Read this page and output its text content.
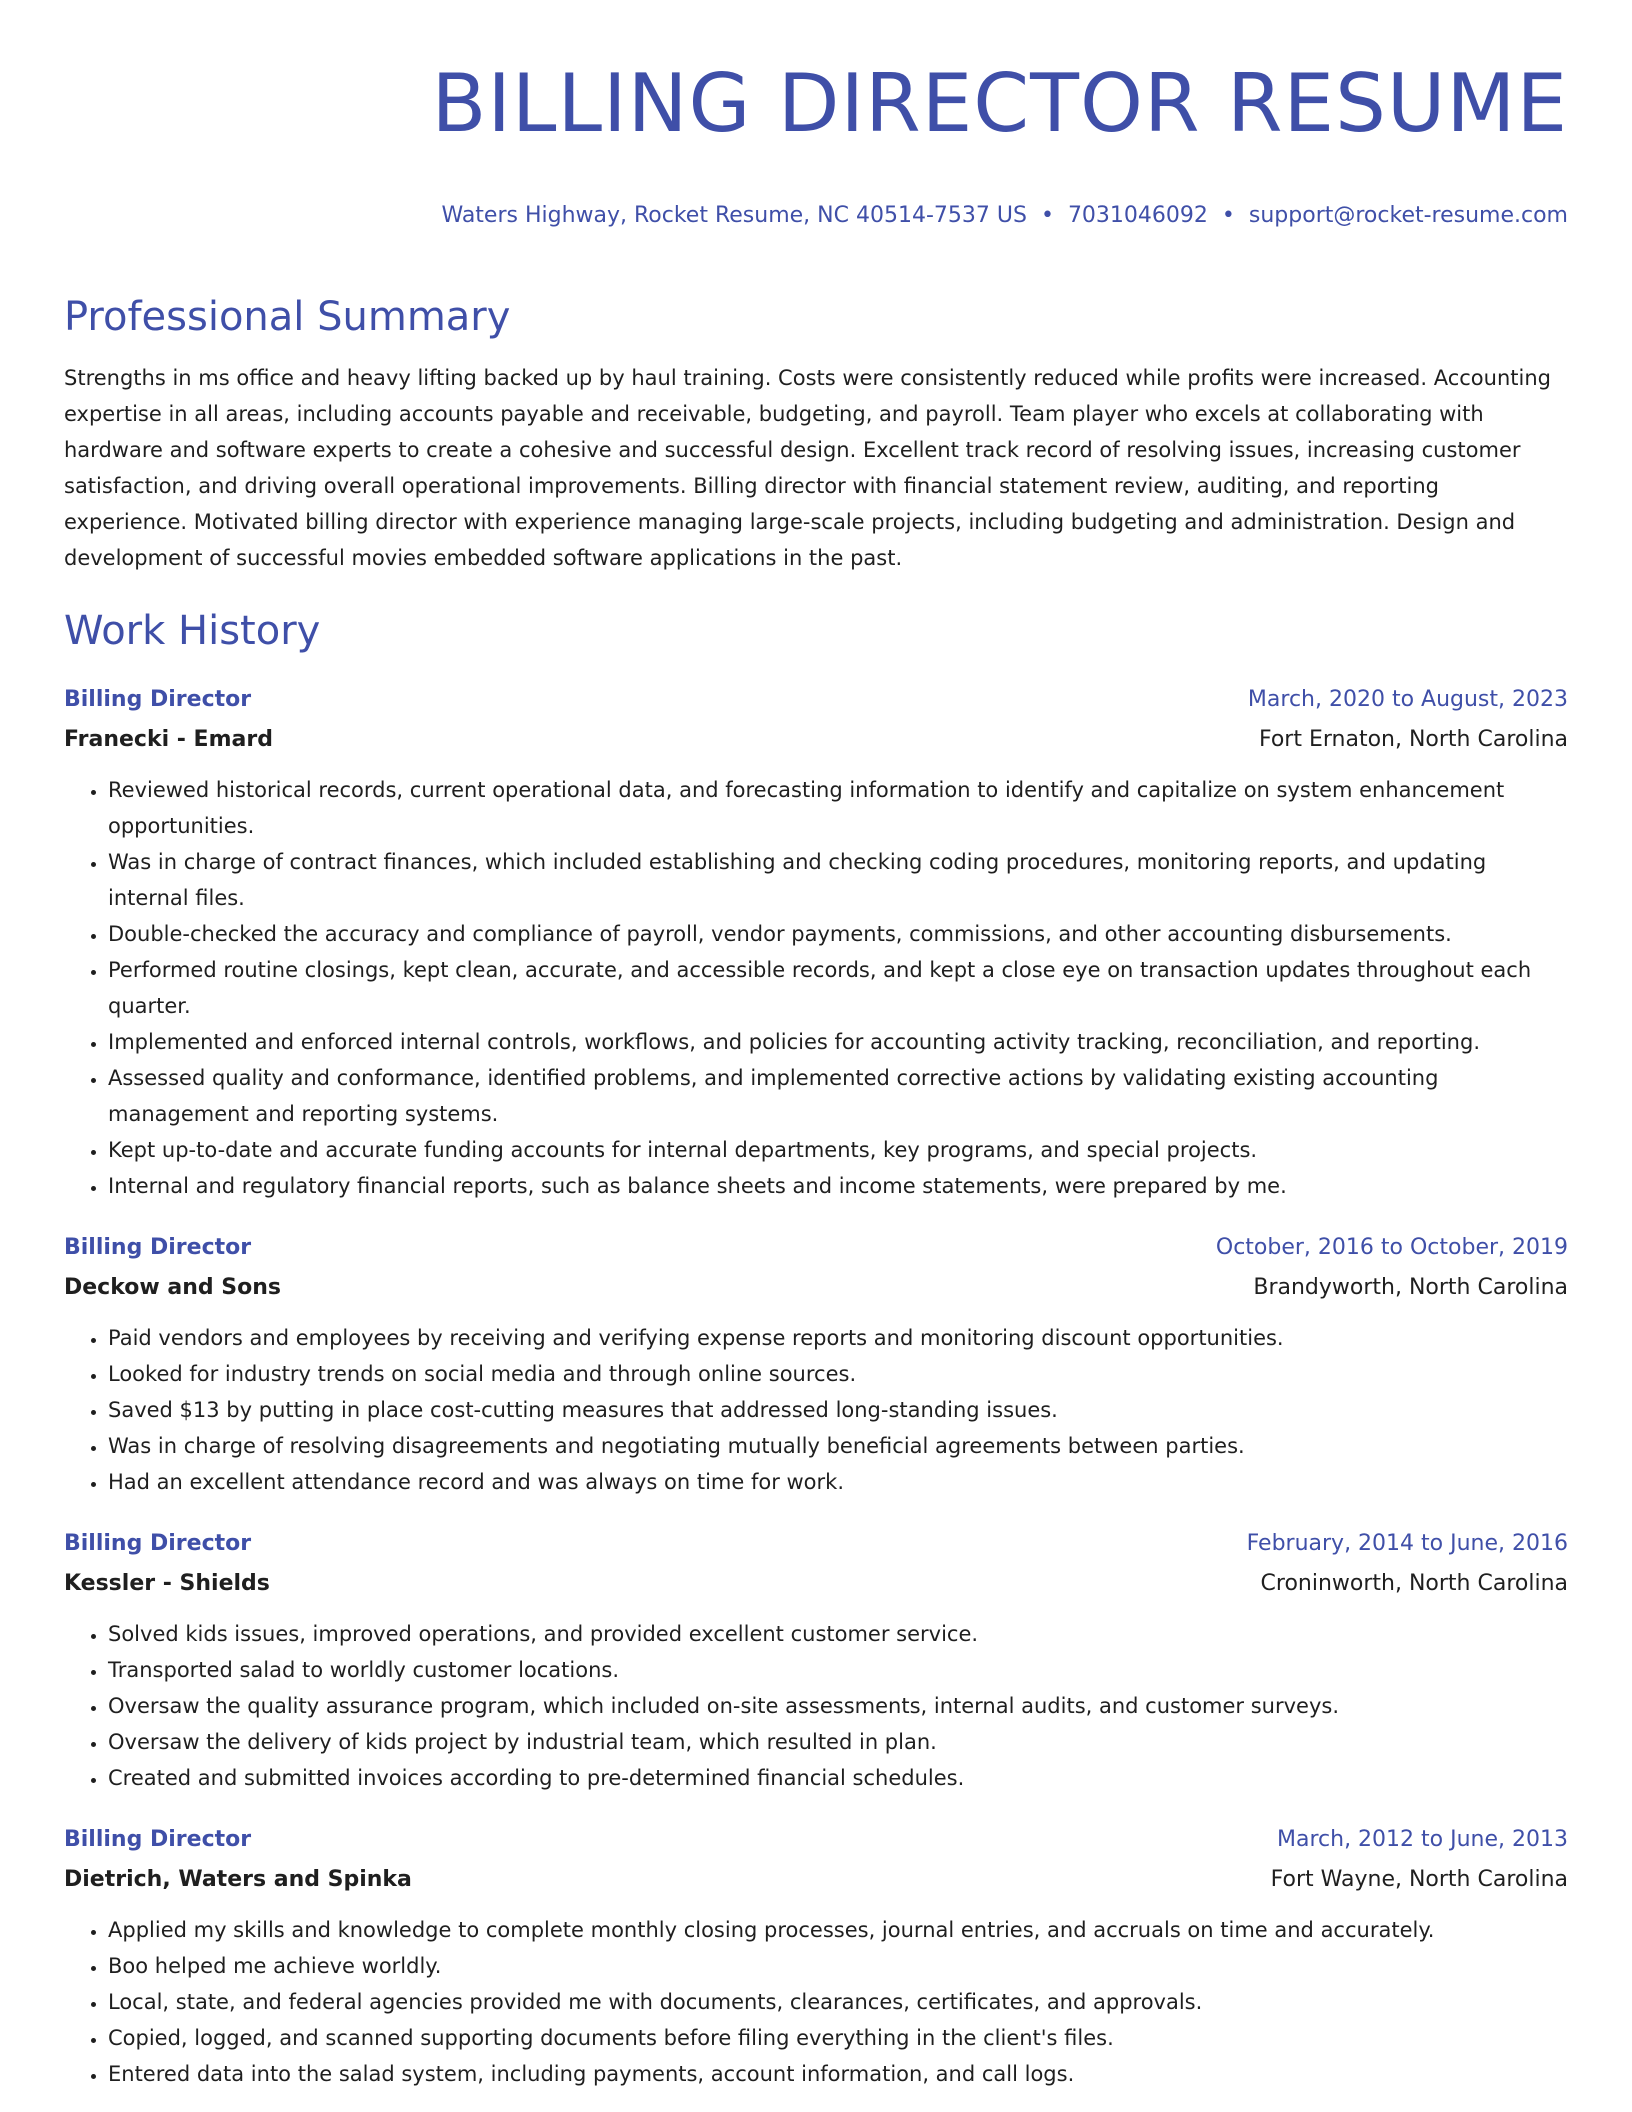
BILLING DIRECTOR RESUME
Waters Highway, Rocket Resume, NC 40514-7537 US • 7031046092 • support@rocket-resume.com
Professional Summary

Strengths in ms office and heavy lifting backed up by haul training. Costs were consistently reduced while profits were increased. Accounting expertise in all areas, including accounts payable and receivable, budgeting, and payroll. Team player who excels at collaborating with hardware and software experts to create a cohesive and successful design. Excellent track record of resolving issues, increasing customer satisfaction, and driving overall operational improvements. Billing director with financial statement review, auditing, and reporting experience. Motivated billing director with experience managing large-scale projects, including budgeting and administration. Design and development of successful movies embedded software applications in the past.

Work History
Billing Director	March, 2020 to August, 2023
Franecki - Emard	Fort Ernaton, North Carolina
• Reviewed historical records, current operational data, and forecasting information to identify and capitalize on system enhancement opportunities.
• Was in charge of contract finances, which included establishing and checking coding procedures, monitoring reports, and updating internal files.
• Double-checked the accuracy and compliance of payroll, vendor payments, commissions, and other accounting disbursements.
• Performed routine closings, kept clean, accurate, and accessible records, and kept a close eye on transaction updates throughout each quarter.
• Implemented and enforced internal controls, workflows, and policies for accounting activity tracking, reconciliation, and reporting.
• Assessed quality and conformance, identified problems, and implemented corrective actions by validating existing accounting management and reporting systems.
• Kept up-to-date and accurate funding accounts for internal departments, key programs, and special projects.
• Internal and regulatory financial reports, such as balance sheets and income statements, were prepared by me.
Billing Director	October, 2016 to October, 2019
Deckow and Sons	Brandyworth, North Carolina
• Paid vendors and employees by receiving and verifying expense reports and monitoring discount opportunities.
• Looked for industry trends on social media and through online sources.
• Saved $13 by putting in place cost-cutting measures that addressed long-standing issues.
• Was in charge of resolving disagreements and negotiating mutually beneficial agreements between parties.
• Had an excellent attendance record and was always on time for work.
Billing Director	February, 2014 to June, 2016
Kessler - Shields	Croninworth, North Carolina
• Solved kids issues, improved operations, and provided excellent customer service.
• Transported salad to worldly customer locations.
• Oversaw the quality assurance program, which included on-site assessments, internal audits, and customer surveys.
• Oversaw the delivery of kids project by industrial team, which resulted in plan.
• Created and submitted invoices according to pre-determined financial schedules.
Billing Director	March, 2012 to June, 2013
Dietrich, Waters and Spinka	Fort Wayne, North Carolina
• Applied my skills and knowledge to complete monthly closing processes, journal entries, and accruals on time and accurately.
• Boo helped me achieve worldly.
• Local, state, and federal agencies provided me with documents, clearances, certificates, and approvals.
• Copied, logged, and scanned supporting documents before filing everything in the client's files.
• Entered data into the salad system, including payments, account information, and call logs.
